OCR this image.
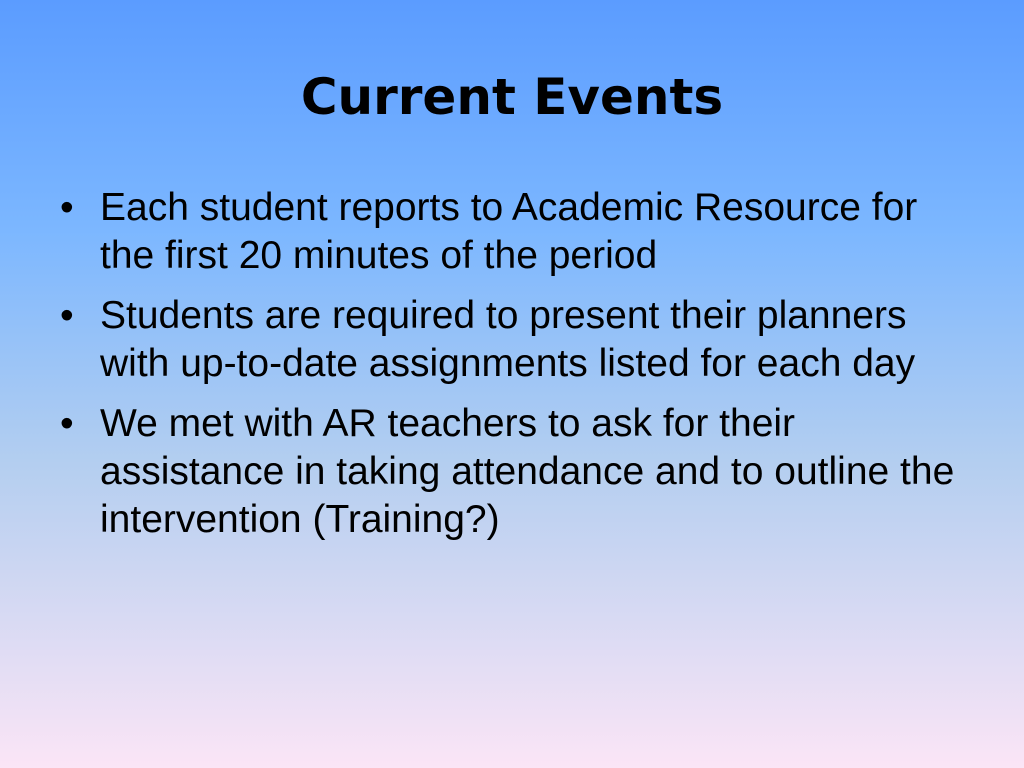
Current Events
• Each student reports to Academic Resource for the first 20 minutes of the period
• Students are required to present their planners with up-to-date assignments listed for each day
• We met with AR teachers to ask for their assistance in taking attendance and to outline the intervention (Training?)
